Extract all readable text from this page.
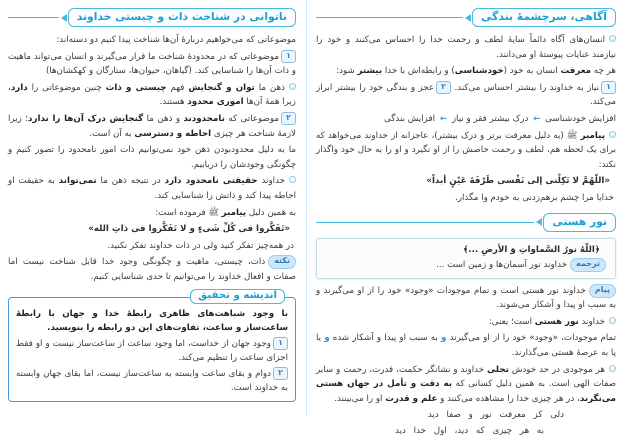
آگاهی، سرچشمهٔ بندگی

انسان‌های آگاه دائماً سایهٔ لطف و رحمت خدا را احساس می‌کنند و خود را نیازمند عنایات پیوستهٔ او می‌دانند.

هر چه معرفت انسان به خود (خودشناسی) و رابطه‌اش با خدا بیشتر شود:

۱نیاز به خداوند را بیشتر احساس می‌کند. ۲عجز و بندگی خود را بیشتر ابراز می‌کند.

افزایش خودشناسی ← درک بیشتر فقر و نیاز ← افزایش بندگی

پیامبر ﷺ (به دلیل معرفت برتر و درک بیشتر)، عاجزانه از خداوند می‌خواهد که برای یک لحظه هم، لطف و رحمت خاصش را از او نگیرد و او را به حال خود واگذار نکند:

«اللّهُمَّ لا تَکِلْنی إلی نَفْسی طَرْفَةَ عَیْنٍ أبداً»

خدایا مرا چشم برهم‌زدنی به خودم وا مگذار.

نور هستی

﴿اللّهُ نورُ السَّماواتِ وَ الأرضِ ...﴾

ترجمهخداوند نور آسمان‌ها و زمین است ...

پیامخداوند نور هستی است و تمام موجودات «وجود» خود را از او می‌گیرند و به سبب او پیدا و آشکار می‌شوند.

خداوند نور هستی است؛ یعنی:

تمام موجودات، «وجود» خود را از او می‌گیرند و به سبب او پیدا و آشکار شده و یا پا به عرصهٔ هستی می‌گذارند.

هر موجودی در حد خودش تجلی خداوند و نشانگر حکمت، قدرت، رحمت و سایر صفات الهی است. به همین دلیل کسانی که به دقت و تأمل در جهان هستی می‌نگرند، در هر چیزی خدا را مشاهده می‌کنند و علم و قدرت او را می‌بینند.

دلی کز معرفت نور و صفا دید

به هر چیزی که دید، اول خدا دید

ناتوانی در شناخت ذات و چیستی خداوند

موضوعاتی که می‌خواهیم دربارهٔ آن‌ها شناخت پیدا کنیم دو دسته‌اند:

۱موضوعاتی که در محدودهٔ شناخت ما قرار می‌گیرند و انسان می‌تواند ماهیت و ذات آن‌ها را شناسایی کند. (گیاهان، حیوان‌ها، ستارگان و کهکشان‌ها)

ذهن ما توان و گنجایش فهم چیستی و ذات چنین موضوعاتی را دارد، زیرا همهٔ آن‌ها اموری محدود هستند.

۲موضوعاتی که نامحدودند و ذهن ما گنجایش درک آن‌ها را ندارد؛ زیرا لازمهٔ شناخت هر چیزی احاطه و دسترسی به آن است.

ما به دلیل محدودبودن ذهن خود نمی‌توانیم ذات امور نامحدود را تصور کنیم و چگونگی وجودشان را دریابیم.

خداوند حقیقتی نامحدود دارد در نتیجه ذهن ما نمی‌تواند به حقیقت او احاطه پیدا کند و ذاتش را شناسایی کند.

به همین دلیل پیامبر ﷺ فرموده است:

«تَفَکَّروا فی کُلِّ شَیءٍ و لا تَفَکَّروا فی ذاتِ الله»

در همه‌چیز تفکر کنید ولی در ذات خداوند تفکر نکنید.

نکتهذات، چیستی، ماهیت و چگونگی وجود خدا قابل شناخت نیست اما صفات و افعال خداوند را می‌توانیم تا حدی شناسایی کنیم.

اندیشه و تحقیق

با وجود شباهت‌های ظاهری رابطهٔ خدا و جهان با رابطهٔ ساعت‌ساز و ساعت، تفاوت‌های این دو رابطه را بنویسید.

۱وجود جهان از خداست، اما وجود ساعت از ساعت‌ساز نیست و او فقط اجزای ساعت را تنظیم می‌کند.

۲دوام و بقای ساعت وابسته به ساعت‌ساز نیست، اما بقای جهان وابسته به خداوند است.
